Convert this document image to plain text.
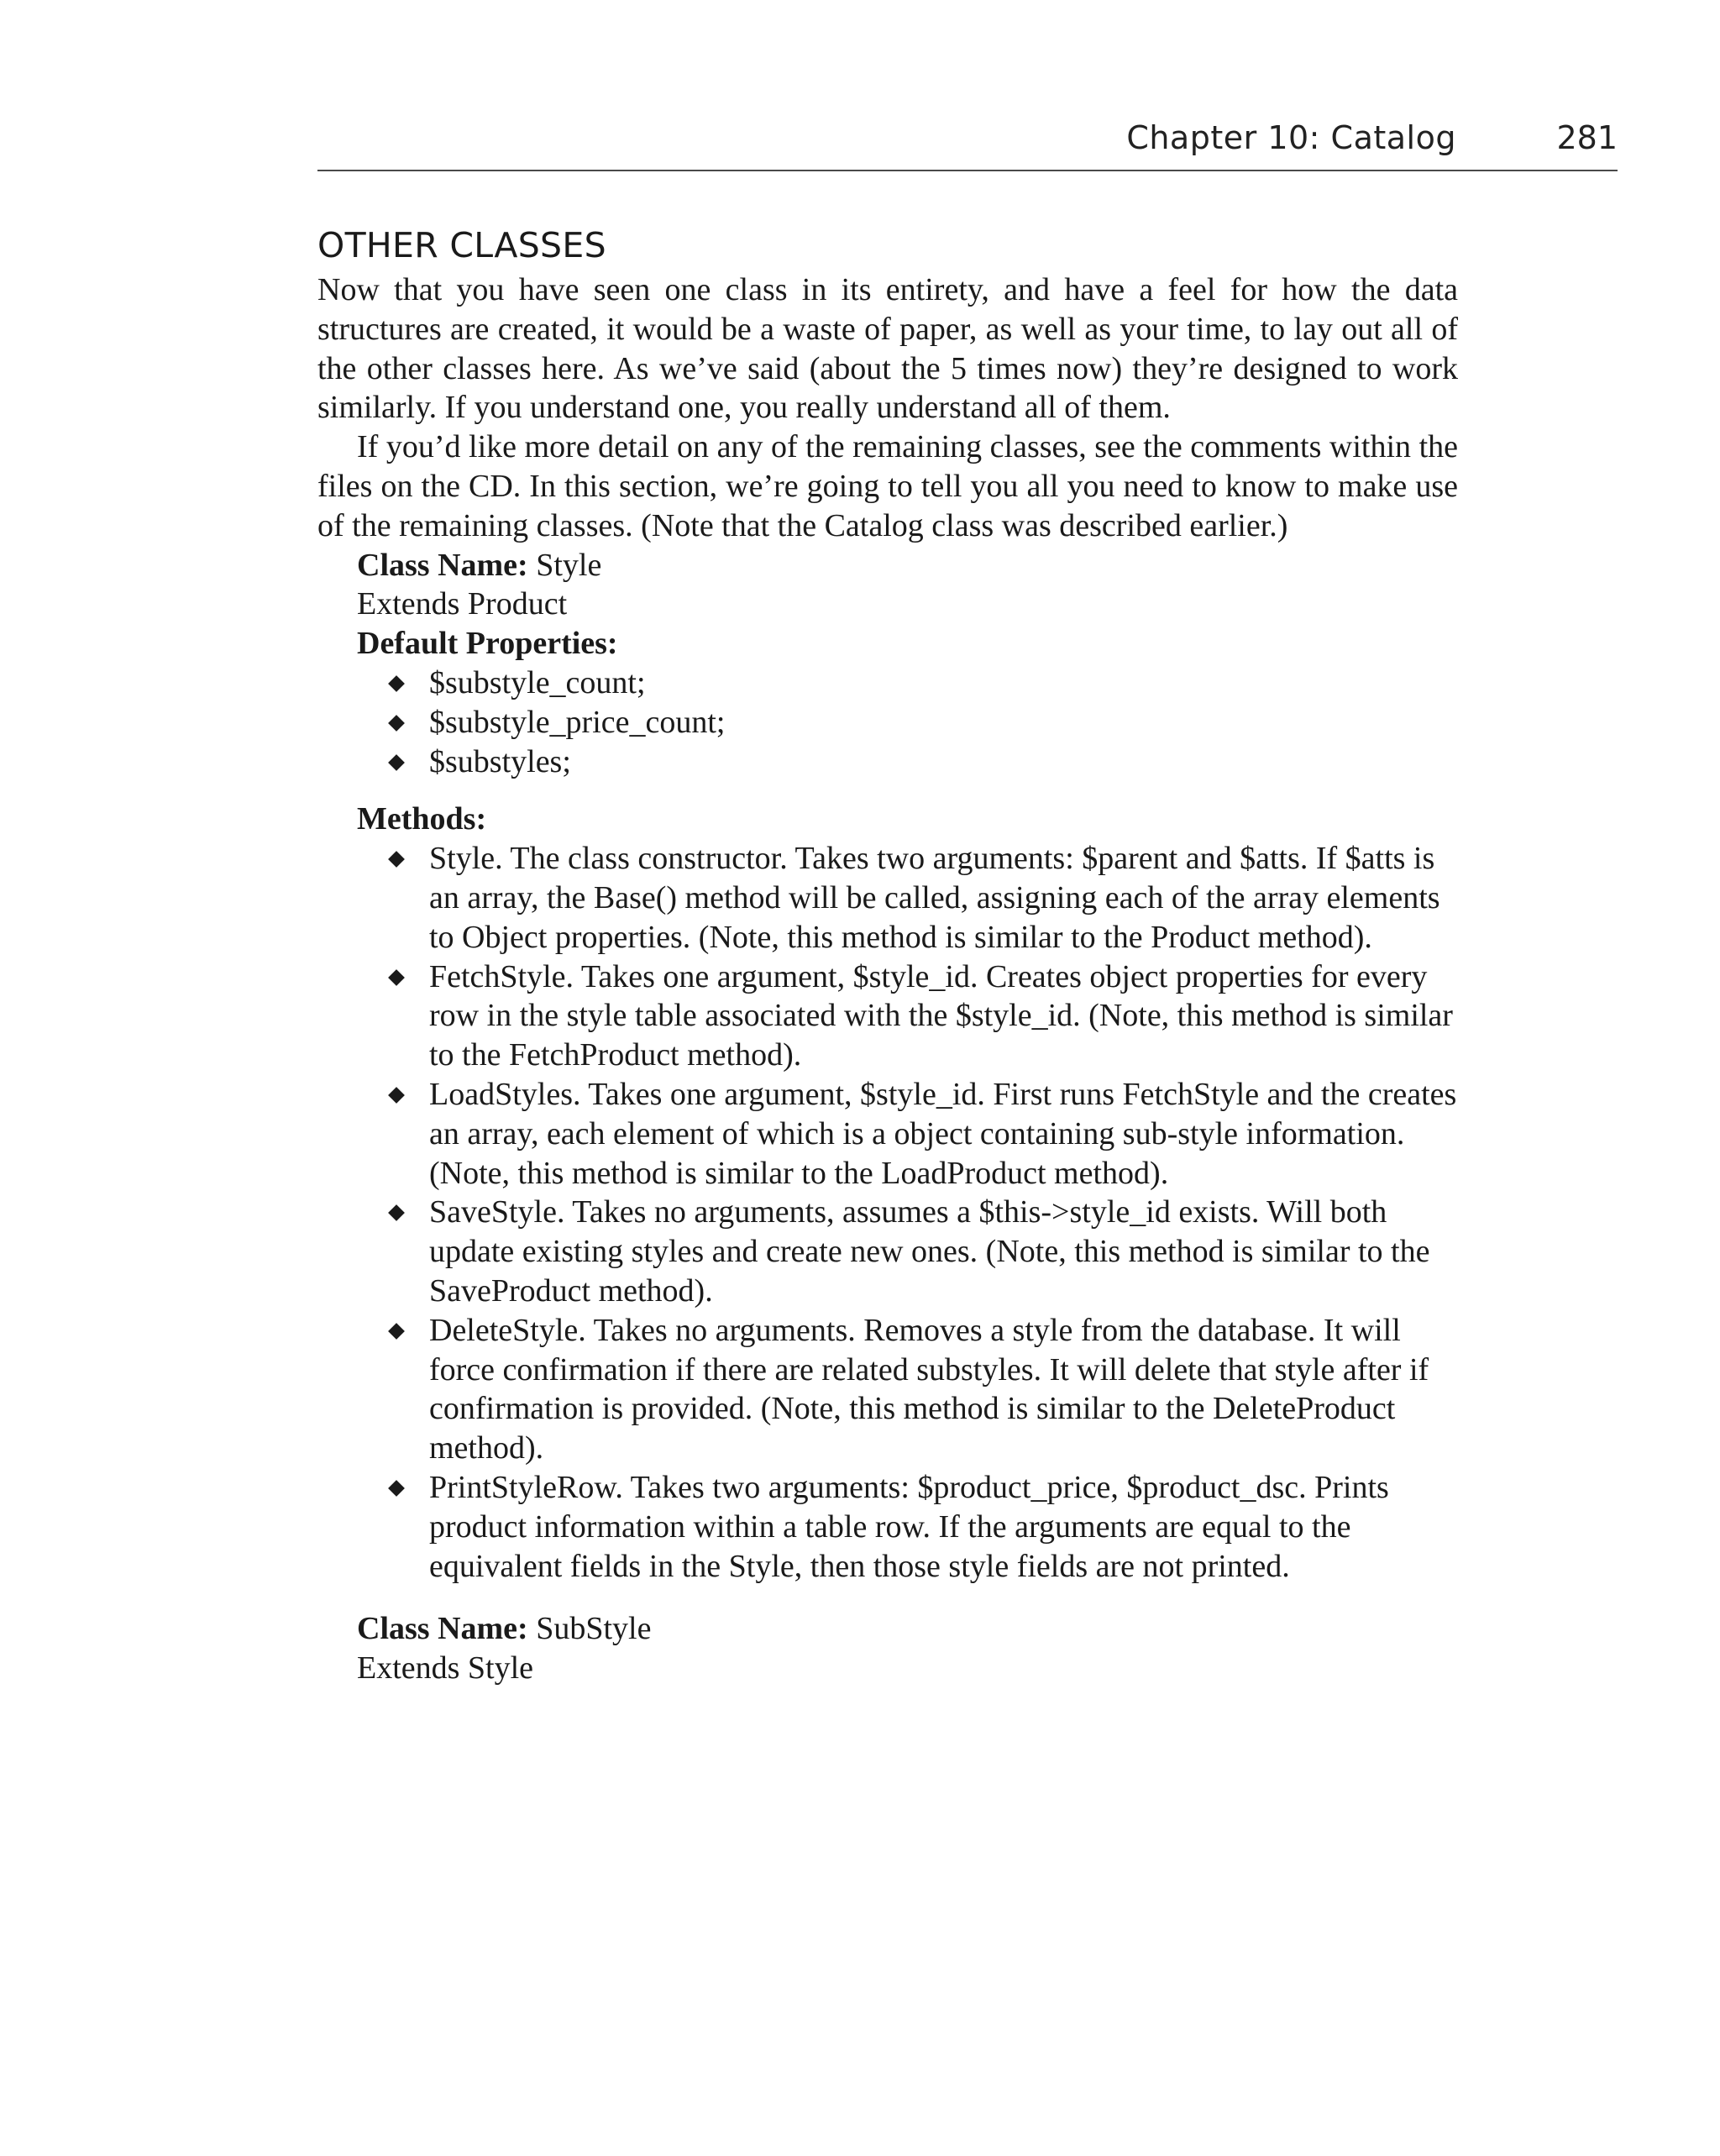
Chapter 10: Catalog	281
OTHER CLASSES

Now that you have seen one class in its entirety, and have a feel for how the data structures are created, it would be a waste of paper, as well as your time, to lay out all of the other classes here. As we’ve said (about the 5 times now) they’re designed to work similarly. If you understand one, you really understand all of them.

If you’d like more detail on any of the remaining classes, see the comments within the files on the CD. In this section, we’re going to tell you all you need to know to make use of the remaining classes. (Note that the Catalog class was described earlier.)

Class Name: Style
Extends Product
Default Properties:
$substyle_count;
$substyle_price_count;
$substyles;
Methods:
Style. The class constructor. Takes two arguments: $parent and $atts. If $atts is an array, the Base() method will be called, assigning each of the array elements to Object properties. (Note, this method is similar to the Product method).
FetchStyle. Takes one argument, $style_id. Creates object properties for every row in the style table associated with the $style_id. (Note, this method is similar to the FetchProduct method).
LoadStyles. Takes one argument, $style_id. First runs FetchStyle and the creates an array, each element of which is a object containing sub-style information. (Note, this method is similar to the LoadProduct method).
SaveStyle. Takes no arguments, assumes a $this->style_id exists. Will both update existing styles and create new ones. (Note, this method is similar to the SaveProduct method).
DeleteStyle. Takes no arguments. Removes a style from the database. It will force confirmation if there are related substyles. It will delete that style after if confirmation is provided. (Note, this method is similar to the DeleteProduct method).
PrintStyleRow. Takes two arguments: $product_price, $product_dsc. Prints product information within a table row. If the arguments are equal to the equivalent fields in the Style, then those style fields are not printed.
Class Name: SubStyle
Extends Style
